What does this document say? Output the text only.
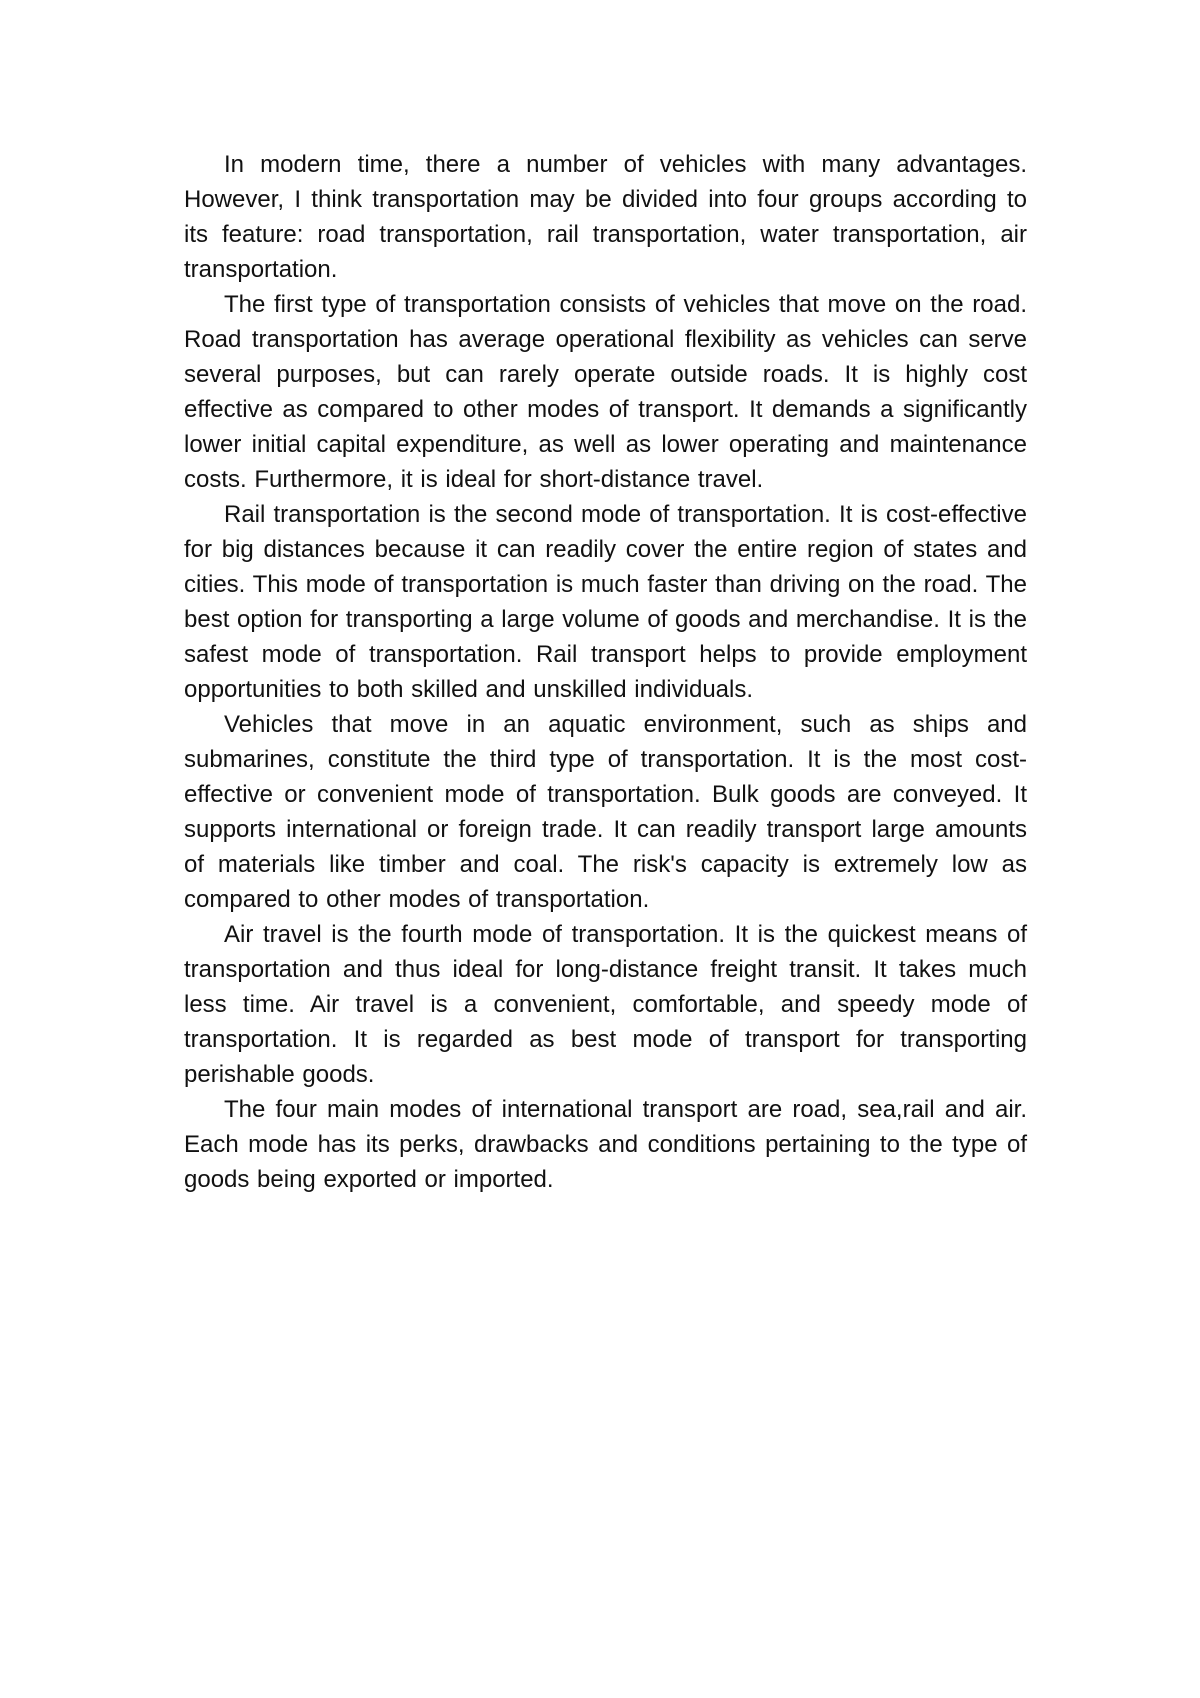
In modern time, there a number of vehicles with many advantages. However, I think transportation may be divided into four groups according to its feature: road transportation, rail transportation, water transportation, air transportation.

The first type of transportation consists of vehicles that move on the road. Road transportation has average operational flexibility as vehicles can serve several purposes, but can rarely operate outside roads. It is highly cost effective as compared to other modes of transport. It demands a significantly lower initial capital expenditure, as well as lower operating and maintenance costs. Furthermore, it is ideal for short-distance travel.

Rail transportation is the second mode of transportation. It is cost-effective for big distances because it can readily cover the entire region of states and cities. This mode of transportation is much faster than driving on the road. The best option for transporting a large volume of goods and merchandise. It is the safest mode of transportation. Rail transport helps to provide employment opportunities to both skilled and unskilled individuals.

Vehicles that move in an aquatic environment, such as ships and submarines, constitute the third type of transportation. It is the most cost-effective or convenient mode of transportation. Bulk goods are conveyed. It supports international or foreign trade. It can readily transport large amounts of materials like timber and coal. The risk's capacity is extremely low as compared to other modes of transportation.

Air travel is the fourth mode of transportation. It is the quickest means of transportation and thus ideal for long-distance freight transit. It takes much less time. Air travel is a convenient, comfortable, and speedy mode of transportation. It is regarded as best mode of transport for transporting perishable goods.

The four main modes of international transport are road, sea,rail and air. Each mode has its perks, drawbacks and conditions pertaining to the type of goods being exported or imported.
